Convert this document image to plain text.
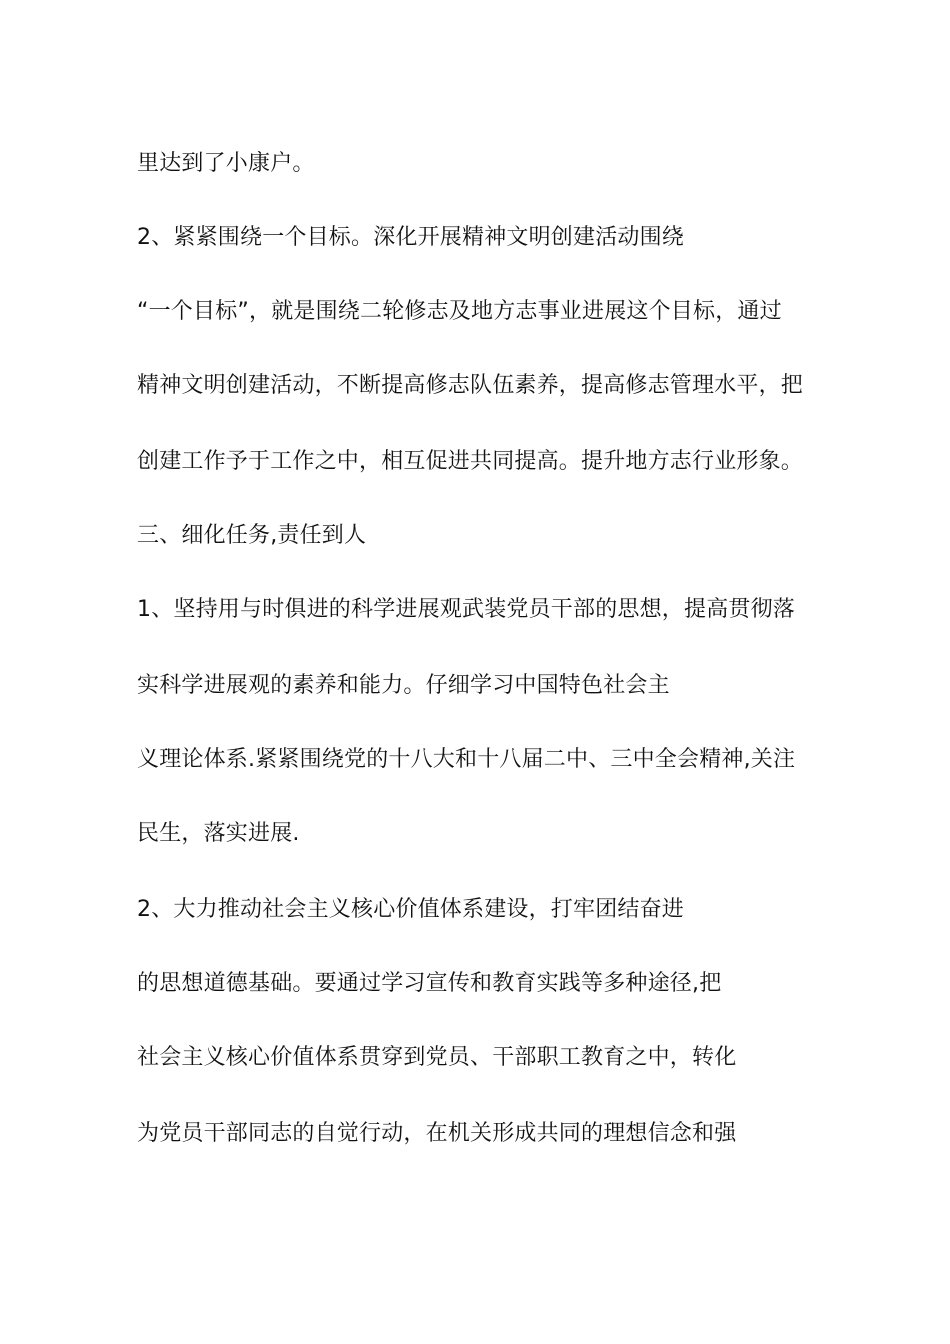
里达到了小康户。
2、紧紧围绕一个目标。深化开展精神文明创建活动围绕
“一个目标”，就是围绕二轮修志及地方志事业进展这个目标，通过
精神文明创建活动，不断提高修志队伍素养，提高修志管理水平，把
创建工作予于工作之中，相互促进共同提高。提升地方志行业形象。
三、细化任务,责任到人
1、坚持用与时俱进的科学进展观武装党员干部的思想，提高贯彻落
实科学进展观的素养和能力。仔细学习中国特色社会主
义理论体系.紧紧围绕党的十八大和十八届二中、三中全会精神,关注
民生，落实进展.
2、大力推动社会主义核心价值体系建设，打牢团结奋进
的思想道德基础。要通过学习宣传和教育实践等多种途径,把
社会主义核心价值体系贯穿到党员、干部职工教育之中，转化
为党员干部同志的自觉行动，在机关形成共同的理想信念和强
